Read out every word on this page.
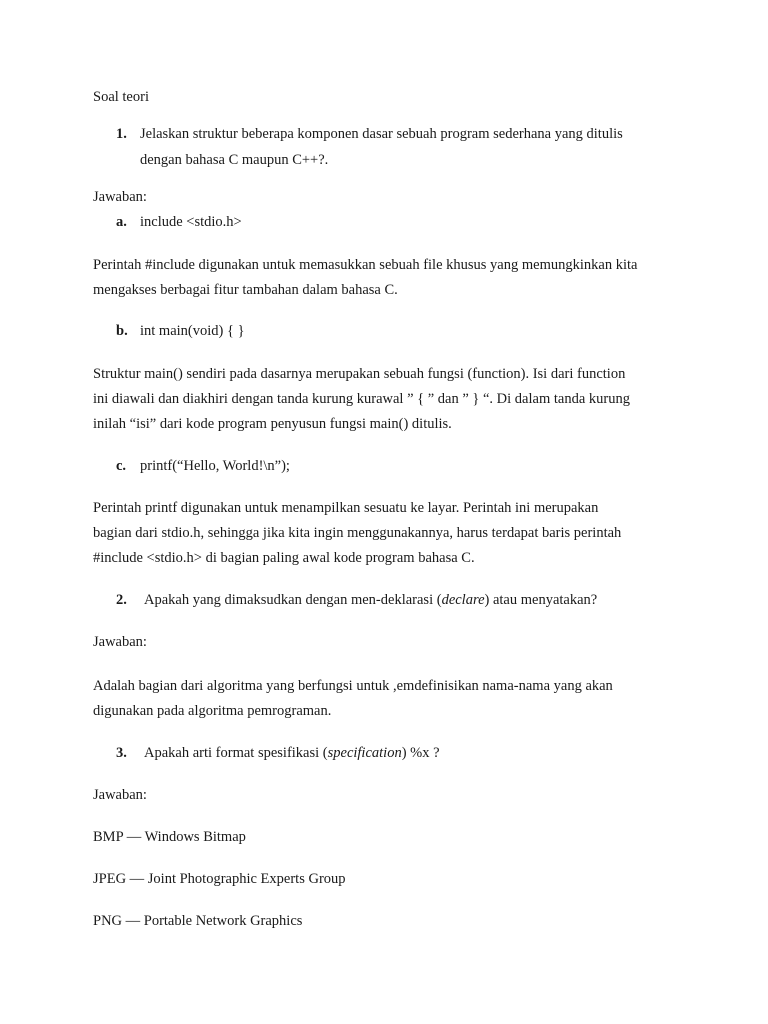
Soal teori
1. Jelaskan struktur beberapa komponen dasar sebuah program sederhana yang ditulis
dengan bahasa C maupun C++?.
Jawaban:
a. include <stdio.h>
Perintah #include digunakan untuk memasukkan sebuah file khusus yang memungkinkan kita
mengakses berbagai fitur tambahan dalam bahasa C.
b. int main(void) { }
Struktur main() sendiri pada dasarnya merupakan sebuah fungsi (function). Isi dari function
ini diawali dan diakhiri dengan tanda kurung kurawal ” { ” dan ” } “. Di dalam tanda kurung
inilah “isi” dari kode program penyusun fungsi main() ditulis.
c. printf(“Hello, World!\n”);
Perintah printf digunakan untuk menampilkan sesuatu ke layar. Perintah ini merupakan
bagian dari stdio.h, sehingga jika kita ingin menggunakannya, harus terdapat baris perintah
#include <stdio.h> di bagian paling awal kode program bahasa C.
2. Apakah yang dimaksudkan dengan men-deklarasi (declare) atau menyatakan?
Jawaban:
Adalah bagian dari algoritma yang berfungsi untuk ,emdefinisikan nama-nama yang akan
digunakan pada algoritma pemrograman.
3. Apakah arti format spesifikasi (specification) %x ?
Jawaban:
BMP — Windows Bitmap
JPEG — Joint Photographic Experts Group
PNG — Portable Network Graphics
